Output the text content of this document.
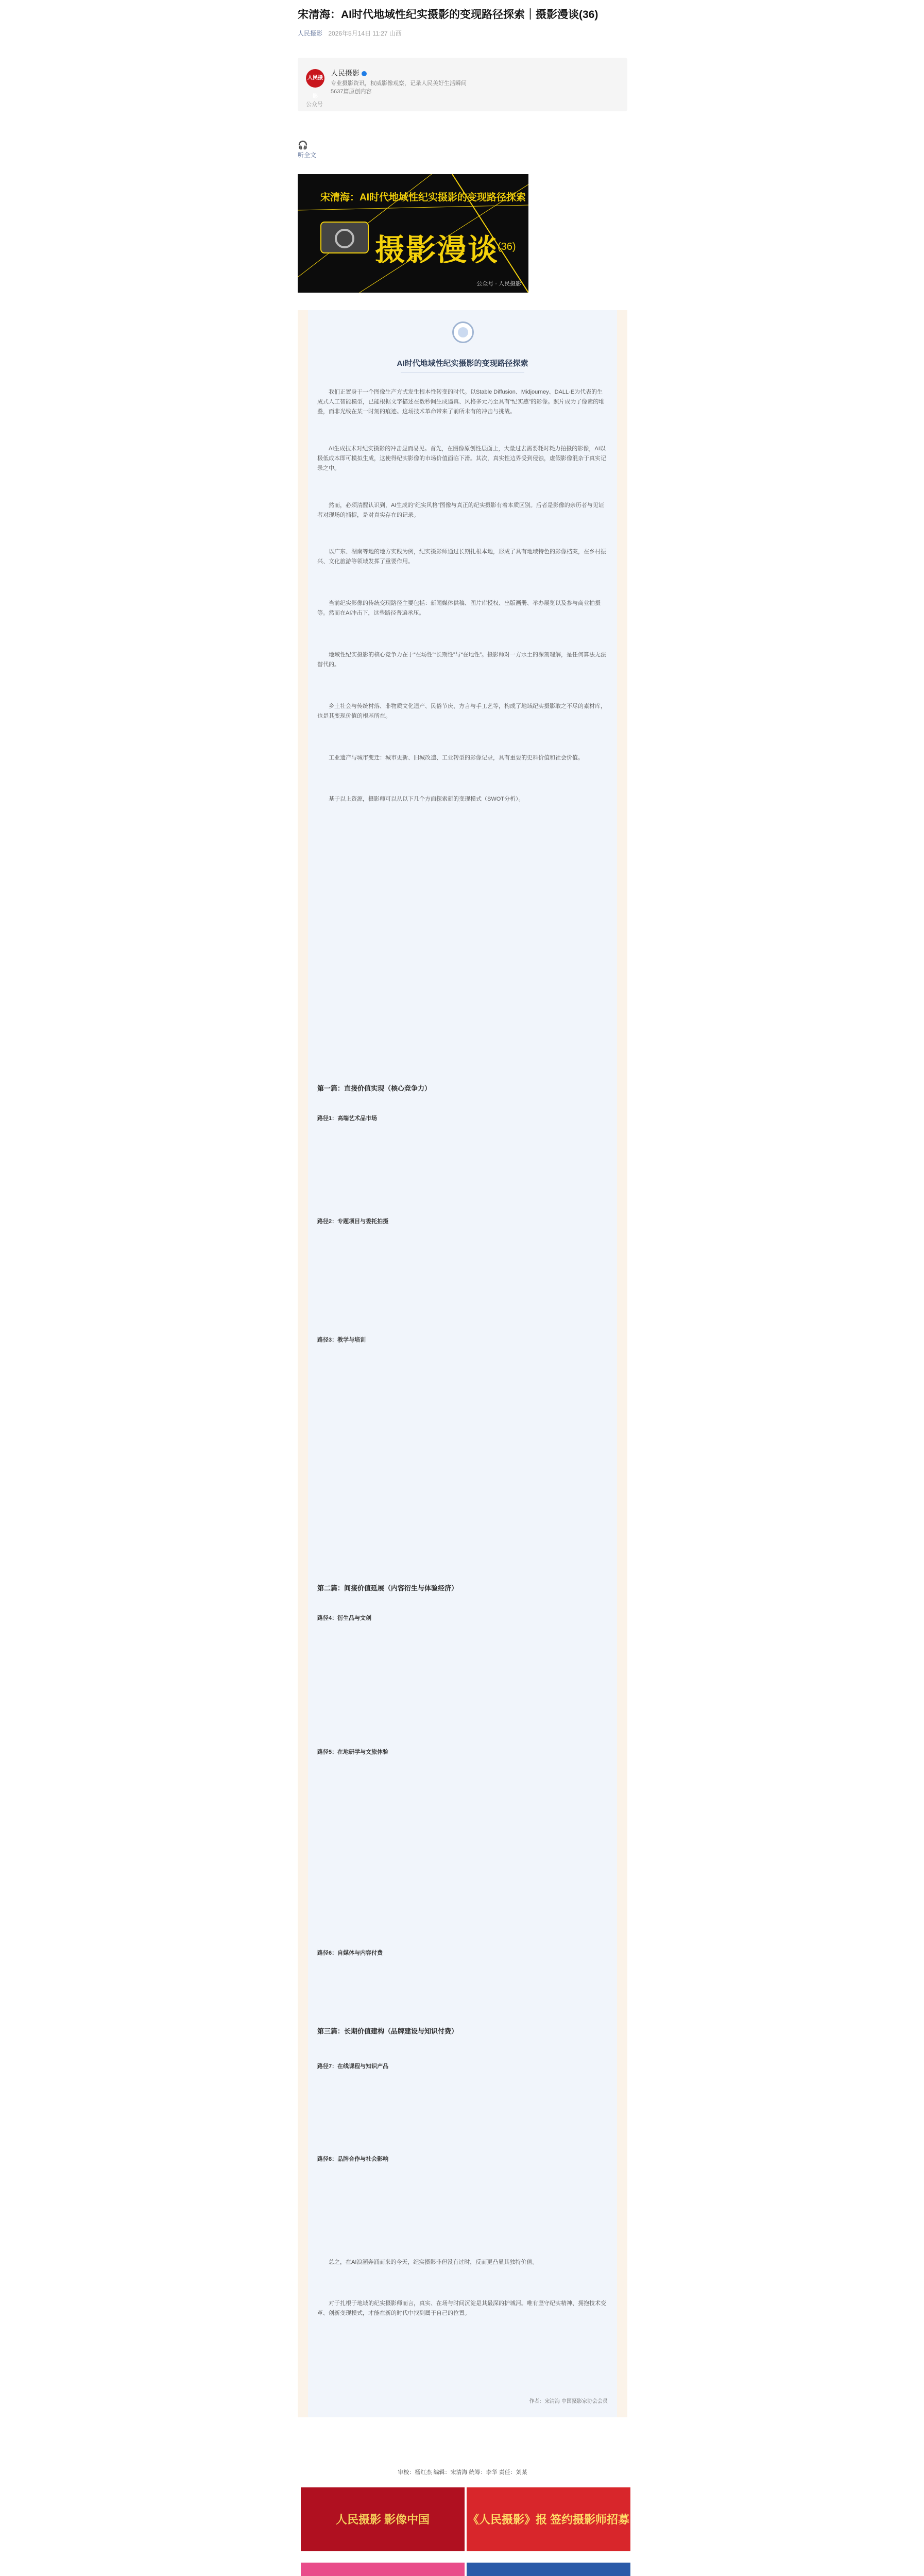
宋清海：AI时代地域性纪实摄影的变现路径探索｜摄影漫谈(36)
人民摄影 2026年5月14日 11:27 山西
人民摄影
人民摄影
专业摄影资讯，权威影像观察，记录人民美好生活瞬间
5637篇原创内容
公众号
🎧
听全文
宋清海：AI时代地域性纪实摄影的变现路径探索
摄影漫谈
(36)
公众号 · 人民摄影
AI时代地域性纪实摄影的变现路径探索
我们正置身于一个图像生产方式发生根本性转变的时代。以Stable Diffusion、Midjourney、DALL·E为代表的生成式人工智能模型，已能根据文字描述在数秒间生成逼真、风格多元乃至具有“纪实感”的影像。照片成为了像素的堆叠，而非光线在某一时刻的痕迹。这场技术革命带来了前所未有的冲击与挑战。
AI生成技术对纪实摄影的冲击显而易见。首先，在图像原创性层面上，大量过去需要耗时耗力拍摄的影像，AI以极低成本即可模拟生成，这使得纪实影像的市场价值面临下滑。其次，真实性边界受到侵蚀，虚假影像混杂于真实记录之中。
然而，必须清醒认识到，AI生成的“纪实风格”图像与真正的纪实摄影有着本质区别。后者是影像的亲历者与见证者对现场的捕捉，是对真实存在的记录。
以广东、湖南等地的地方实践为例，纪实摄影师通过长期扎根本地，形成了具有地域特色的影像档案，在乡村振兴、文化旅游等领域发挥了重要作用。
当前纪实影像的传统变现路径主要包括：新闻媒体供稿、图片库授权、出版画册、举办展览以及参与商业拍摄等。然而在AI冲击下，这些路径普遍承压。
地域性纪实摄影的核心竞争力在于“在场性”“长期性”与“在地性”。摄影师对一方水土的深刻理解，是任何算法无法替代的。
乡土社会与传统村落、非物质文化遗产、民俗节庆、方言与手工艺等，构成了地域纪实摄影取之不尽的素材库，也是其变现价值的根基所在。
工业遗产与城市变迁：城市更新、旧城改造、工业转型的影像记录，具有重要的史料价值和社会价值。
基于以上资源，摄影师可以从以下几个方面探索新的变现模式（SWOT分析）。
第一篇：直接价值实现（核心竞争力）
路径1：高端艺术品市场
路径2：专题项目与委托拍摄
路径3：教学与培训
第二篇：间接价值延展（内容衍生与体验经济）
路径4：衍生品与文创
路径5：在地研学与文旅体验
路径6：自媒体与内容付费
第三篇：长期价值建构（品牌建设与知识付费）
路径7：在线课程与知识产品
路径8：品牌合作与社会影响
总之，在AI浪潮奔涌而来的今天，纪实摄影非但没有过时，反而更凸显其独特价值。
对于扎根于地域的纪实摄影师而言，真实、在场与时间沉淀是其最深的护城河。唯有坚守纪实精神、拥抱技术变革、创新变现模式，才能在新的时代中找到属于自己的位置。
作者：宋清海 中国摄影家协会会员
审校：杨红杰 编辑：宋清海 统筹：李华 责任：刘某
人民摄影 影像中国	《人民摄影》报 签约摄影师招募
